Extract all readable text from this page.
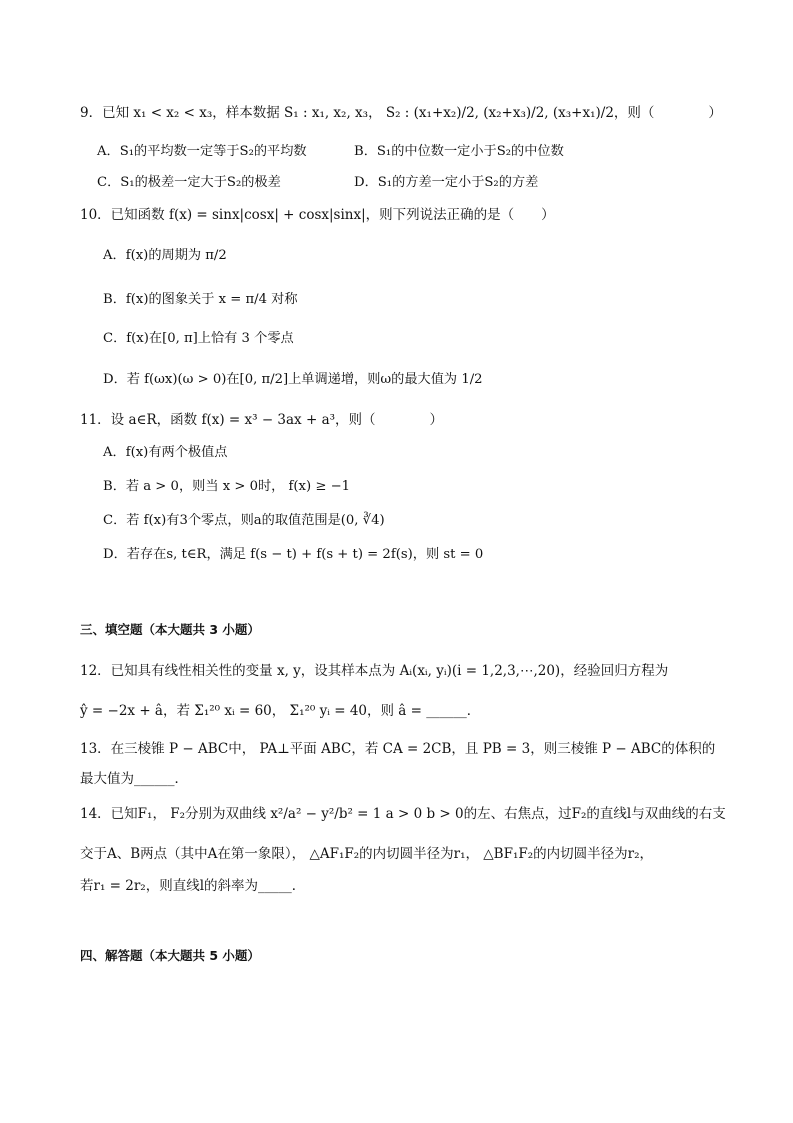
9．已知 x₁ < x₂ < x₃，样本数据 S₁ : x₁, x₂, x₃， S₂ : (x₁+x₂)/2, (x₂+x₃)/2, (x₃+x₁)/2，则（　　　　）
A．S₁的平均数一定等于S₂的平均数	B．S₁的中位数一定小于S₂的中位数
C．S₁的极差一定大于S₂的极差	D．S₁的方差一定小于S₂的方差
10．已知函数 f(x) = sinx|cosx| + cosx|sinx|，则下列说法正确的是（　　）
A．f(x)的周期为 π/2
B．f(x)的图象关于 x = π/4 对称
C．f(x)在[0, π]上恰有 3 个零点
D．若 f(ωx)(ω > 0)在[0, π/2]上单调递增，则ω的最大值为 1/2
11．设 a∈R，函数 f(x) = x³ − 3ax + a³，则（　　　　）
A．f(x)有两个极值点
B．若 a > 0，则当 x > 0时， f(x) ≥ −1
C．若 f(x)有3个零点，则a的取值范围是(0, ∛4)
D．若存在s, t∈R，满足 f(s − t) + f(s + t) = 2f(s)，则 st = 0
三、填空题（本大题共 3 小题）
12．已知具有线性相关性的变量 x, y，设其样本点为 Aᵢ(xᵢ, yᵢ)(i = 1,2,3,⋯,20)，经验回归方程为
ŷ = −2x + â，若 Σ₁²⁰ xᵢ = 60， Σ₁²⁰ yᵢ = 40，则 â = ______．
13．在三棱锥 P − ABC中， PA⊥平面 ABC，若 CA = 2CB，且 PB = 3，则三棱锥 P − ABC的体积的
最大值为______．
14．已知F₁， F₂分别为双曲线 x²/a² − y²/b² = 1 a > 0 b > 0的左、右焦点，过F₂的直线l与双曲线的右支
交于A、B两点（其中A在第一象限）， △AF₁F₂的内切圆半径为r₁， △BF₁F₂的内切圆半径为r₂，
若r₁ = 2r₂，则直线l的斜率为_____．
四、解答题（本大题共 5 小题）
